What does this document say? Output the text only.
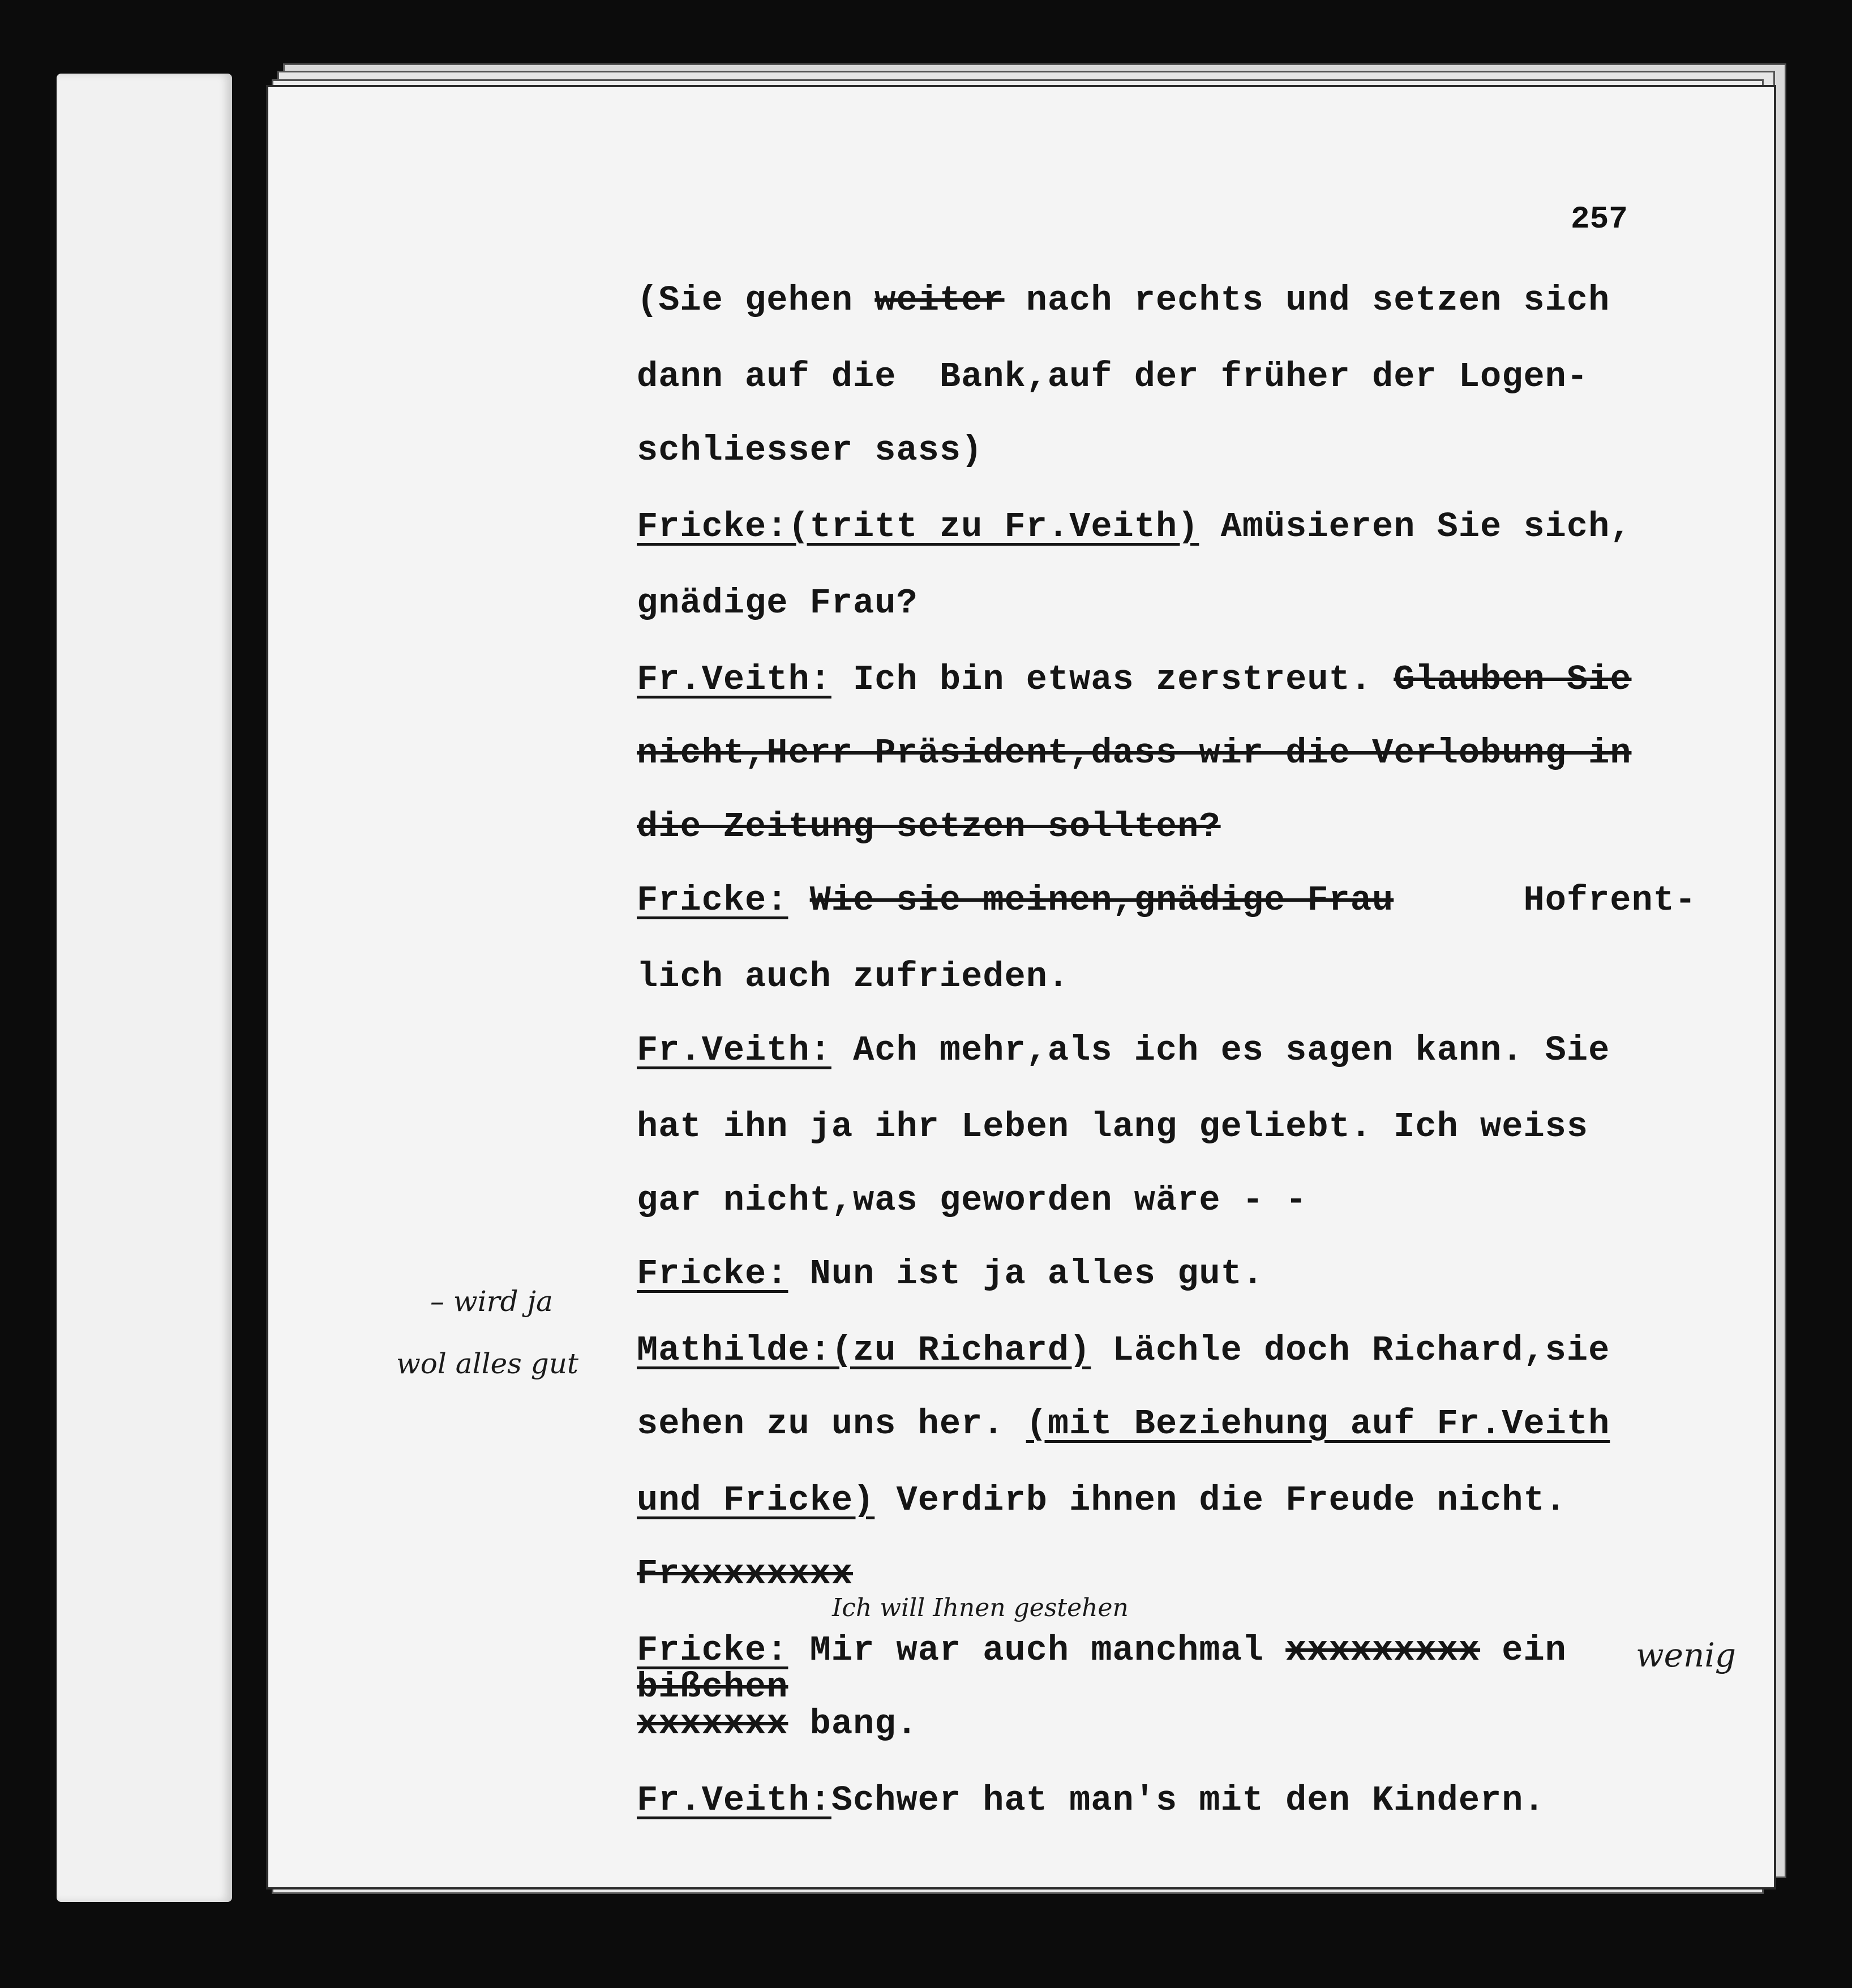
257
(Sie gehen weiter nach rechts und setzen sich
dann auf die  Bank,auf der früher der Logen-
schliesser sass)
Fricke:(tritt zu Fr.Veith) Amüsieren Sie sich,
gnädige Frau?
Fr.Veith: Ich bin etwas zerstreut. Glauben Sie
nicht,Herr Präsident,dass wir die Verlobung in
die Zeitung setzen sollten?
Fricke: Wie sie meinen,gnädige Frau      Hofrent-
lich auch zufrieden.
Fr.Veith: Ach mehr,als ich es sagen kann. Sie
hat ihn ja ihr Leben lang geliebt. Ich weiss
gar nicht,was geworden wäre - -
Fricke: Nun ist ja alles gut.
Mathilde:(zu Richard) Lächle doch Richard,sie
sehen zu uns her. (mit Beziehung auf Fr.Veith
und Fricke) Verdirb ihnen die Freude nicht.
Frxxxxxxxx
Fricke: Mir war auch manchmal xxxxxxxxx ein
bißchen
xxxxxxx bang.
Fr.Veith:Schwer hat man's mit den Kindern.
– wird ja
wol alles gut
Ich will Ihnen gestehen
wenig
